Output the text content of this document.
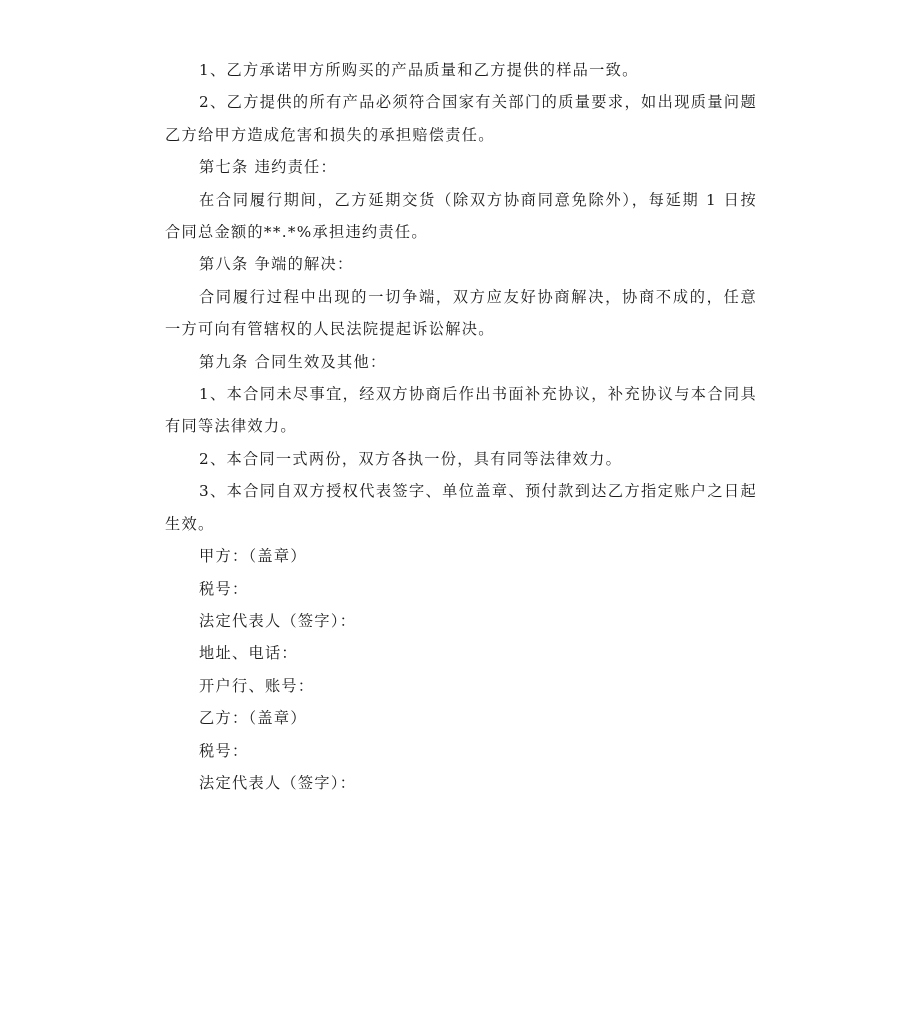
1、乙方承诺甲方所购买的产品质量和乙方提供的样品一致。

2、乙方提供的所有产品必须符合国家有关部门的质量要求，如出现质量问题乙方给甲方造成危害和损失的承担赔偿责任。

第七条 违约责任：

在合同履行期间，乙方延期交货（除双方协商同意免除外），每延期 1 日按合同总金额的**.*%承担违约责任。

第八条 争端的解决：

合同履行过程中出现的一切争端，双方应友好协商解决，协商不成的，任意一方可向有管辖权的人民法院提起诉讼解决。

第九条 合同生效及其他：

1、本合同未尽事宜，经双方协商后作出书面补充协议，补充协议与本合同具有同等法律效力。

2、本合同一式两份，双方各执一份，具有同等法律效力。

3、本合同自双方授权代表签字、单位盖章、预付款到达乙方指定账户之日起生效。

甲方：（盖章）

税号：

法定代表人（签字）：

地址、电话：

开户行、账号：

乙方：（盖章）

税号：

法定代表人（签字）：
